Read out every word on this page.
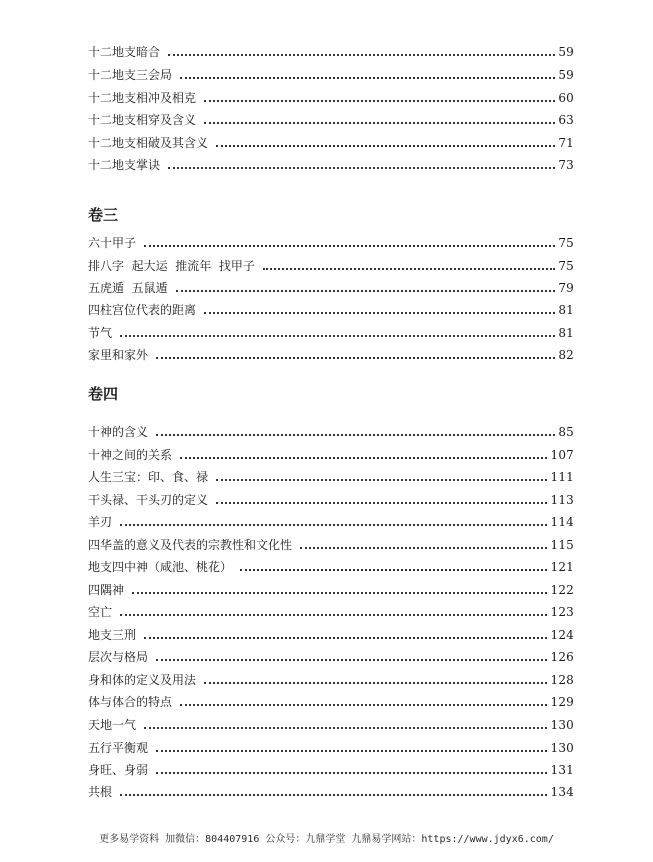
十二地支暗合	59
十二地支三会局	59
十二地支相冲及相克	60
十二地支相穿及含义	63
十二地支相破及其含义	71
十二地支掌诀	73
卷三
六十甲子	75
排八字  起大运  推流年  找甲子	75
五虎遁  五鼠遁	79
四柱宫位代表的距离	81
节气	81
家里和家外	82
卷四
十神的含义	85
十神之间的关系	107
人生三宝：印、食、禄	111
干头禄、干头刃的定义	113
羊刃	114
四华盖的意义及代表的宗教性和文化性	115
地支四中神（咸池、桃花）	121
四隅神	122
空亡	123
地支三刑	124
层次与格局	126
身和体的定义及用法	128
体与体合的特点	129
天地一气	130
五行平衡观	130
身旺、身弱	131
共根	134
更多易学资料 加微信：804407916 公众号：九鼎学堂 九鼎易学网站：https://www.jdyx6.com/
